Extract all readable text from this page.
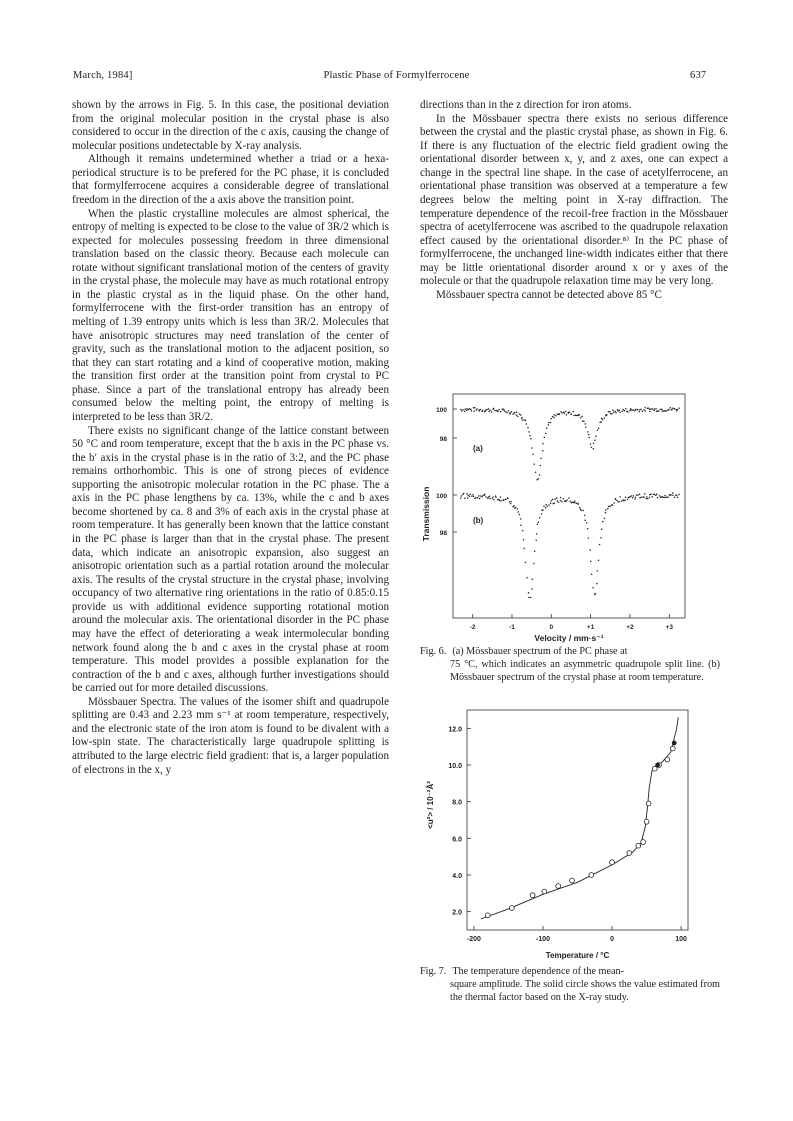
March, 1984]	Plastic Phase of Formylferrocene	637

shown by the arrows in Fig. 5. In this case, the positional deviation from the original molecular position in the crystal phase is also considered to occur in the direction of the c axis, causing the change of molecular positions undetectable by X-ray analysis.

Although it remains undetermined whether a triad or a hexa-periodical structure is to be prefered for the PC phase, it is concluded that formylferrocene acquires a considerable degree of translational freedom in the direction of the a axis above the transition point.

When the plastic crystalline molecules are almost spherical, the entropy of melting is expected to be close to the value of 3R/2 which is expected for molecules possessing freedom in three dimensional translation based on the classic theory. Because each molecule can rotate without significant translational motion of the centers of gravity in the crystal phase, the molecule may have as much rotational entropy in the plastic crystal as in the liquid phase. On the other hand, formylferrocene with the first-order transition has an entropy of melting of 1.39 entropy units which is less than 3R/2. Molecules that have anisotropic structures may need translation of the center of gravity, such as the translational motion to the adjacent position, so that they can start rotating and a kind of cooperative motion, making the transition first order at the transition point from crystal to PC phase. Since a part of the translational entropy has already been consumed below the melting point, the entropy of melting is interpreted to be less than 3R/2.

There exists no significant change of the lattice constant between 50 °C and room temperature, except that the b axis in the PC phase vs. the b′ axis in the crystal phase is in the ratio of 3:2, and the PC phase remains orthorhombic. This is one of strong pieces of evidence supporting the anisotropic molecular rotation in the PC phase. The a axis in the PC phase lengthens by ca. 13%, while the c and b axes become shortened by ca. 8 and 3% of each axis in the crystal phase at room temperature. It has generally been known that the lattice constant in the PC phase is larger than that in the crystal phase. The present data, which indicate an anisotropic expansion, also suggest an anisotropic orientation such as a partial rotation around the molecular axis. The results of the crystal structure in the crystal phase, involving occupancy of two alternative ring orientations in the ratio of 0.85:0.15 provide us with additional evidence supporting rotational motion around the molecular axis. The orientational disorder in the PC phase may have the effect of deteriorating a weak intermolecular bonding network found along the b and c axes in the crystal phase at room temperature. This model provides a possible explanation for the contraction of the b and c axes, although further investigations should be carried out for more detailed discussions.

Mössbauer Spectra. The values of the isomer shift and quadrupole splitting are 0.43 and 2.23 mm s⁻¹ at room temperature, respectively, and the electronic state of the iron atom is found to be divalent with a low-spin state. The characteristically large quadrupole splitting is attributed to the large electric field gradient: that is, a larger population of electrons in the x, y

directions than in the z direction for iron atoms.

In the Mössbauer spectra there exists no serious difference between the crystal and the plastic crystal phase, as shown in Fig. 6. If there is any fluctuation of the electric field gradient owing the orientational disorder between x, y, and z axes, one can expect a change in the spectral line shape. In the case of acetylferrocene, an orientational phase transition was observed at a temperature a few degrees below the melting point in X-ray diffraction. The temperature dependence of the recoil-free fraction in the Mössbauer spectra of acetylferrocene was ascribed to the quadrupole relaxation effect caused by the orientational disorder.⁸⁾ In the PC phase of formylferrocene, the unchanged line-width indicates either that there may be little orientational disorder around x or y axes of the molecule or that the quadrupole relaxation time may be very long.

Mössbauer spectra cannot be detected above 85 °C

-2	-1	0	+1	+2	+3
Velocity / mm·s⁻¹
Transmission
100
98
(a)
100
98
(b)
Fig. 6. (a) Mössbauer spectrum of the PC phase at
75 °C, which indicates an asymmetric quadrupole split line. (b) Mössbauer spectrum of the crystal phase at room temperature.
-200	-100	0	100
2.0
4.0
6.0
8.0
10.0
12.0
Temperature / °C
<u²> / 10⁻²Å²
Fig. 7. The temperature dependence of the mean-
square amplitude. The solid circle shows the value estimated from the thermal factor based on the X-ray study.
